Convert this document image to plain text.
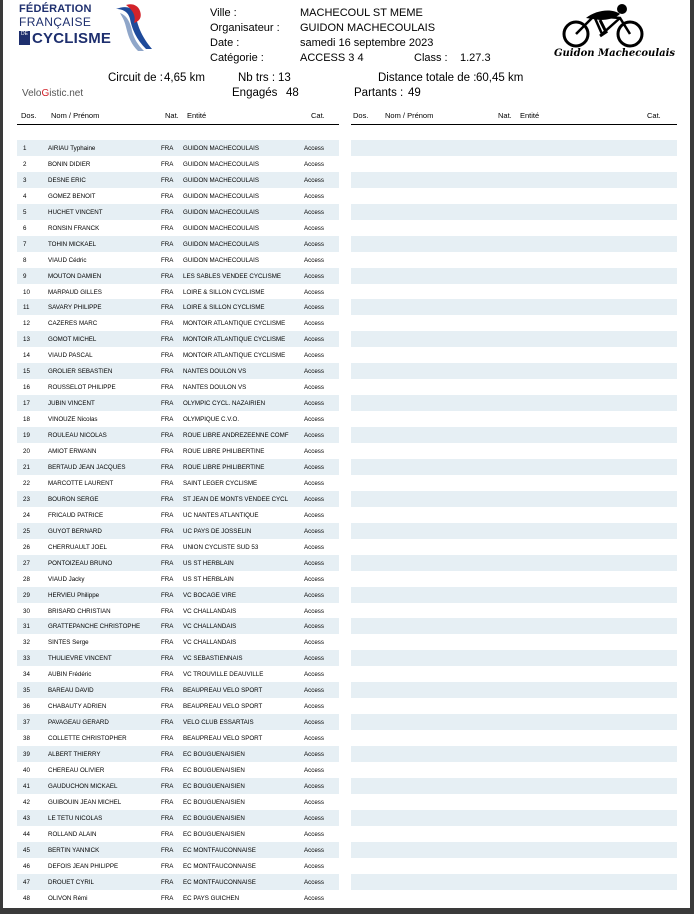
FÉDÉRATION
FRANÇAISE
DE CYCLISME
Ville :	MACHECOUL ST MEME
Organisateur : GUIDON MACHECOULAIS
Date :	samedi 16 septembre 2023
Catégorie :	ACCESS 3 4	Class : 1.27.3	Guidon Machecoulais
Circuit de : 4,65 km	Nb trs : 13	Distance totale de : 60,45 km
VeloGistic.net	Engagés 48	Partants : 49
Dos. Nom / Prénom	Nat. Entité	Cat.	Dos. Nom / Prénom	Nat. Entité	Cat.
1	AIRIAU Typhaine	FRA GUIDON MACHECOULAIS	Access
2	BONIN DIDIER	FRA GUIDON MACHECOULAIS	Access
3	DESNE ERIC	FRA GUIDON MACHECOULAIS	Access
4	GOMEZ BENOIT	FRA GUIDON MACHECOULAIS	Access
5	HUCHET VINCENT	FRA GUIDON MACHECOULAIS	Access
6	RONSIN FRANCK	FRA GUIDON MACHECOULAIS	Access
7	TOHIN MICKAEL	FRA GUIDON MACHECOULAIS	Access
8	VIAUD Cédric	FRA GUIDON MACHECOULAIS	Access
9	MOUTON DAMIEN	FRA LES SABLES VENDEE CYCLISME	Access
10	MARPAUD GILLES	FRA LOIRE & SILLON CYCLISME	Access
11	SAVARY PHILIPPE	FRA LOIRE & SILLON CYCLISME	Access
12	CAZERES MARC	FRA MONTOIR ATLANTIQUE CYCLISME	Access
13	GOMOT MICHEL	FRA MONTOIR ATLANTIQUE CYCLISME	Access
14	VIAUD PASCAL	FRA MONTOIR ATLANTIQUE CYCLISME	Access
15	GROLIER SEBASTIEN	FRA NANTES DOULON VS	Access
16	ROUSSELOT PHILIPPE	FRA NANTES DOULON VS	Access
17	JUBIN VINCENT	FRA OLYMPIC CYCL. NAZAIRIEN	Access
18	VINOUZE Nicolas	FRA OLYMPIQUE C.V.O.	Access
19	ROULEAU NICOLAS	FRA ROUE LIBRE ANDREZEENNE COMF	Access
20	AMIOT ERWANN	FRA ROUE LIBRE PHILIBERTINE	Access
21	BERTAUD JEAN JACQUES	FRA ROUE LIBRE PHILIBERTINE	Access
22	MARCOTTE LAURENT	FRA SAINT LEGER CYCLISME	Access
23	BOURON SERGE	FRA ST JEAN DE MONTS VENDEE CYCL	Access
24	FRICAUD PATRICE	FRA UC NANTES ATLANTIQUE	Access
25	GUYOT BERNARD	FRA UC PAYS DE JOSSELIN	Access
26	CHERRUAULT JOEL	FRA UNION CYCLISTE SUD 53	Access
27	PONTOIZEAU BRUNO	FRA US ST HERBLAIN	Access
28	VIAUD Jacky	FRA US ST HERBLAIN	Access
29	HERVIEU Philippe	FRA VC BOCAGE VIRE	Access
30	BRISARD CHRISTIAN	FRA VC CHALLANDAIS	Access
31	GRATTEPANCHE CHRISTOPHE	FRA VC CHALLANDAIS	Access
32	SINTES Serge	FRA VC CHALLANDAIS	Access
33	THULIEVRE VINCENT	FRA VC SEBASTIENNAIS	Access
34	AUBIN Frédéric	FRA VC TROUVILLE DEAUVILLE	Access
35	BAREAU DAVID	FRA BEAUPREAU VELO SPORT	Access
36	CHABAUTY ADRIEN	FRA BEAUPREAU VELO SPORT	Access
37	PAVAGEAU GERARD	FRA VELO CLUB ESSARTAIS	Access
38	COLLETTE CHRISTOPHER	FRA BEAUPREAU VELO SPORT	Access
39	ALBERT THIERRY	FRA EC BOUGUENAISIEN	Access
40	CHEREAU OLIVIER	FRA EC BOUGUENAISIEN	Access
41	GAUDUCHON MICKAEL	FRA EC BOUGUENAISIEN	Access
42	GUIBOUIN JEAN MICHEL	FRA EC BOUGUENAISIEN	Access
43	LE TETU NICOLAS	FRA EC BOUGUENAISIEN	Access
44	ROLLAND ALAIN	FRA EC BOUGUENAISIEN	Access
45	BERTIN YANNICK	FRA EC MONTFAUCONNAISE	Access
46	DEFOIS JEAN PHILIPPE	FRA EC MONTFAUCONNAISE	Access
47	DROUET CYRIL	FRA EC MONTFAUCONNAISE	Access
48	OLIVON Rémi	FRA EC PAYS GUICHEN	Access
